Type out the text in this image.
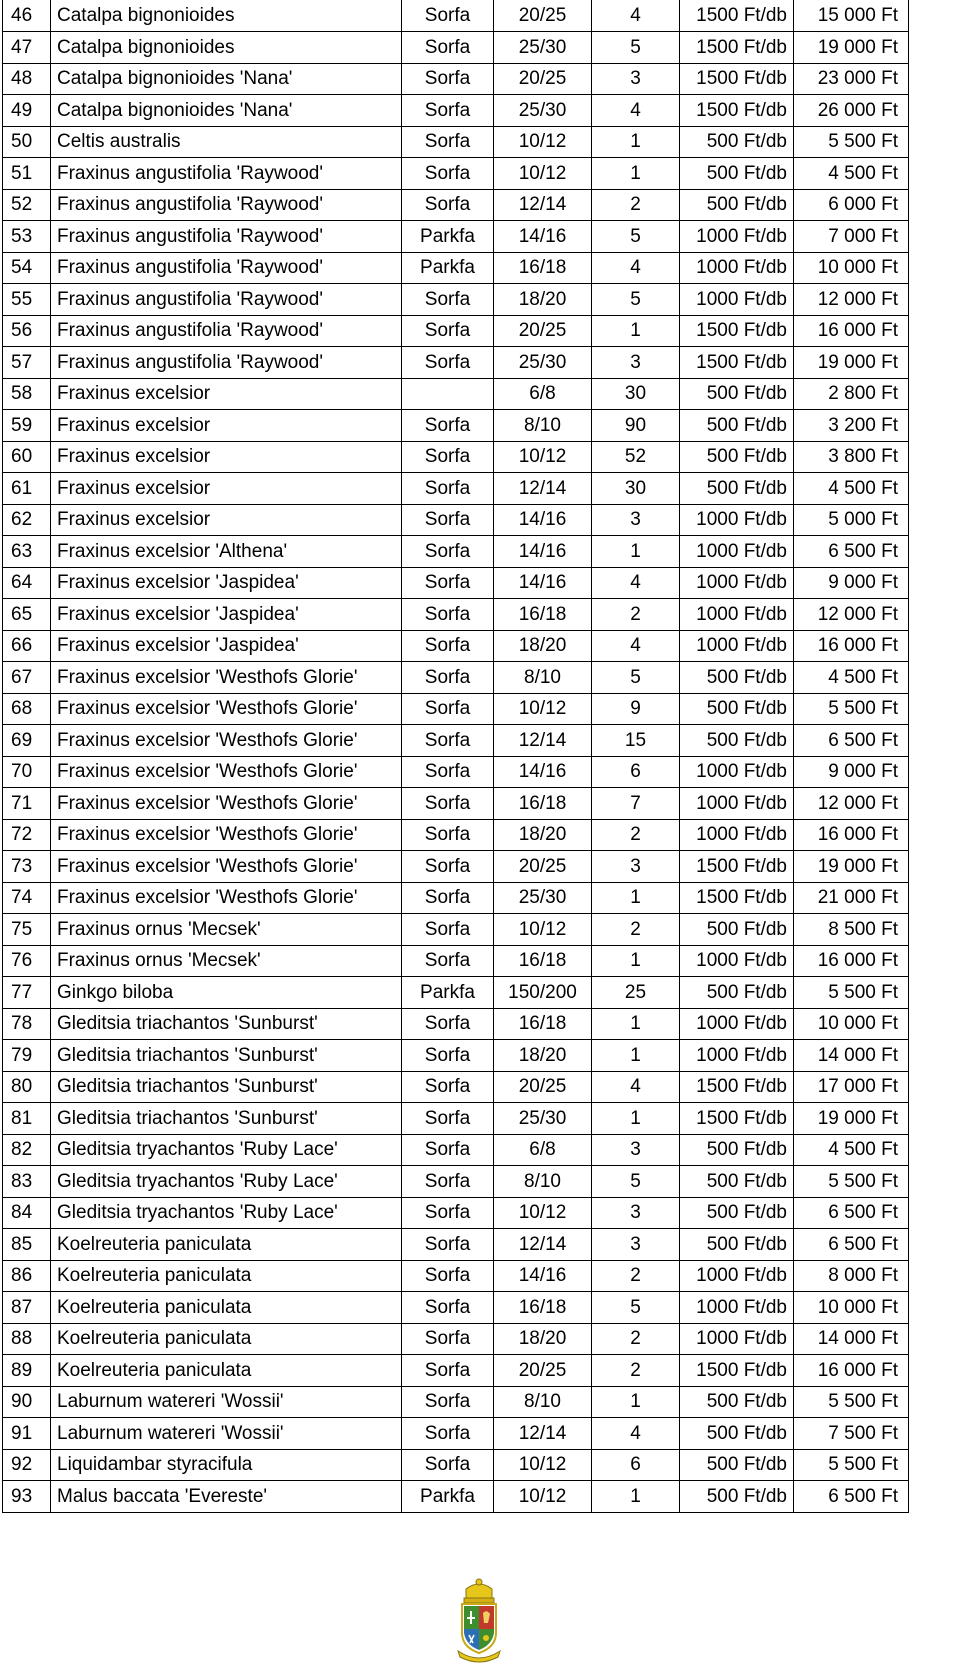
46	Catalpa bignonioides	Sorfa	20/25	4	1500 Ft/db	15 000 Ft
47	Catalpa bignonioides	Sorfa	25/30	5	1500 Ft/db	19 000 Ft
48	Catalpa bignonioides 'Nana'	Sorfa	20/25	3	1500 Ft/db	23 000 Ft
49	Catalpa bignonioides 'Nana'	Sorfa	25/30	4	1500 Ft/db	26 000 Ft
50	Celtis australis	Sorfa	10/12	1	500 Ft/db	5 500 Ft
51	Fraxinus angustifolia 'Raywood'	Sorfa	10/12	1	500 Ft/db	4 500 Ft
52	Fraxinus angustifolia 'Raywood'	Sorfa	12/14	2	500 Ft/db	6 000 Ft
53	Fraxinus angustifolia 'Raywood'	Parkfa	14/16	5	1000 Ft/db	7 000 Ft
54	Fraxinus angustifolia 'Raywood'	Parkfa	16/18	4	1000 Ft/db	10 000 Ft
55	Fraxinus angustifolia 'Raywood'	Sorfa	18/20	5	1000 Ft/db	12 000 Ft
56	Fraxinus angustifolia 'Raywood'	Sorfa	20/25	1	1500 Ft/db	16 000 Ft
57	Fraxinus angustifolia 'Raywood'	Sorfa	25/30	3	1500 Ft/db	19 000 Ft
58	Fraxinus excelsior		6/8	30	500 Ft/db	2 800 Ft
59	Fraxinus excelsior	Sorfa	8/10	90	500 Ft/db	3 200 Ft
60	Fraxinus excelsior	Sorfa	10/12	52	500 Ft/db	3 800 Ft
61	Fraxinus excelsior	Sorfa	12/14	30	500 Ft/db	4 500 Ft
62	Fraxinus excelsior	Sorfa	14/16	3	1000 Ft/db	5 000 Ft
63	Fraxinus excelsior 'Althena'	Sorfa	14/16	1	1000 Ft/db	6 500 Ft
64	Fraxinus excelsior 'Jaspidea'	Sorfa	14/16	4	1000 Ft/db	9 000 Ft
65	Fraxinus excelsior 'Jaspidea'	Sorfa	16/18	2	1000 Ft/db	12 000 Ft
66	Fraxinus excelsior 'Jaspidea'	Sorfa	18/20	4	1000 Ft/db	16 000 Ft
67	Fraxinus excelsior 'Westhofs Glorie'	Sorfa	8/10	5	500 Ft/db	4 500 Ft
68	Fraxinus excelsior 'Westhofs Glorie'	Sorfa	10/12	9	500 Ft/db	5 500 Ft
69	Fraxinus excelsior 'Westhofs Glorie'	Sorfa	12/14	15	500 Ft/db	6 500 Ft
70	Fraxinus excelsior 'Westhofs Glorie'	Sorfa	14/16	6	1000 Ft/db	9 000 Ft
71	Fraxinus excelsior 'Westhofs Glorie'	Sorfa	16/18	7	1000 Ft/db	12 000 Ft
72	Fraxinus excelsior 'Westhofs Glorie'	Sorfa	18/20	2	1000 Ft/db	16 000 Ft
73	Fraxinus excelsior 'Westhofs Glorie'	Sorfa	20/25	3	1500 Ft/db	19 000 Ft
74	Fraxinus excelsior 'Westhofs Glorie'	Sorfa	25/30	1	1500 Ft/db	21 000 Ft
75	Fraxinus ornus 'Mecsek'	Sorfa	10/12	2	500 Ft/db	8 500 Ft
76	Fraxinus ornus 'Mecsek'	Sorfa	16/18	1	1000 Ft/db	16 000 Ft
77	Ginkgo biloba	Parkfa	150/200	25	500 Ft/db	5 500 Ft
78	Gleditsia triachantos 'Sunburst'	Sorfa	16/18	1	1000 Ft/db	10 000 Ft
79	Gleditsia triachantos 'Sunburst'	Sorfa	18/20	1	1000 Ft/db	14 000 Ft
80	Gleditsia triachantos 'Sunburst'	Sorfa	20/25	4	1500 Ft/db	17 000 Ft
81	Gleditsia triachantos 'Sunburst'	Sorfa	25/30	1	1500 Ft/db	19 000 Ft
82	Gleditsia tryachantos 'Ruby Lace'	Sorfa	6/8	3	500 Ft/db	4 500 Ft
83	Gleditsia tryachantos 'Ruby Lace'	Sorfa	8/10	5	500 Ft/db	5 500 Ft
84	Gleditsia tryachantos 'Ruby Lace'	Sorfa	10/12	3	500 Ft/db	6 500 Ft
85	Koelreuteria paniculata	Sorfa	12/14	3	500 Ft/db	6 500 Ft
86	Koelreuteria paniculata	Sorfa	14/16	2	1000 Ft/db	8 000 Ft
87	Koelreuteria paniculata	Sorfa	16/18	5	1000 Ft/db	10 000 Ft
88	Koelreuteria paniculata	Sorfa	18/20	2	1000 Ft/db	14 000 Ft
89	Koelreuteria paniculata	Sorfa	20/25	2	1500 Ft/db	16 000 Ft
90	Laburnum watereri 'Wossii'	Sorfa	8/10	1	500 Ft/db	5 500 Ft
91	Laburnum watereri 'Wossii'	Sorfa	12/14	4	500 Ft/db	7 500 Ft
92	Liquidambar styracifula	Sorfa	10/12	6	500 Ft/db	5 500 Ft
93	Malus baccata 'Evereste'	Parkfa	10/12	1	500 Ft/db	6 500 Ft
